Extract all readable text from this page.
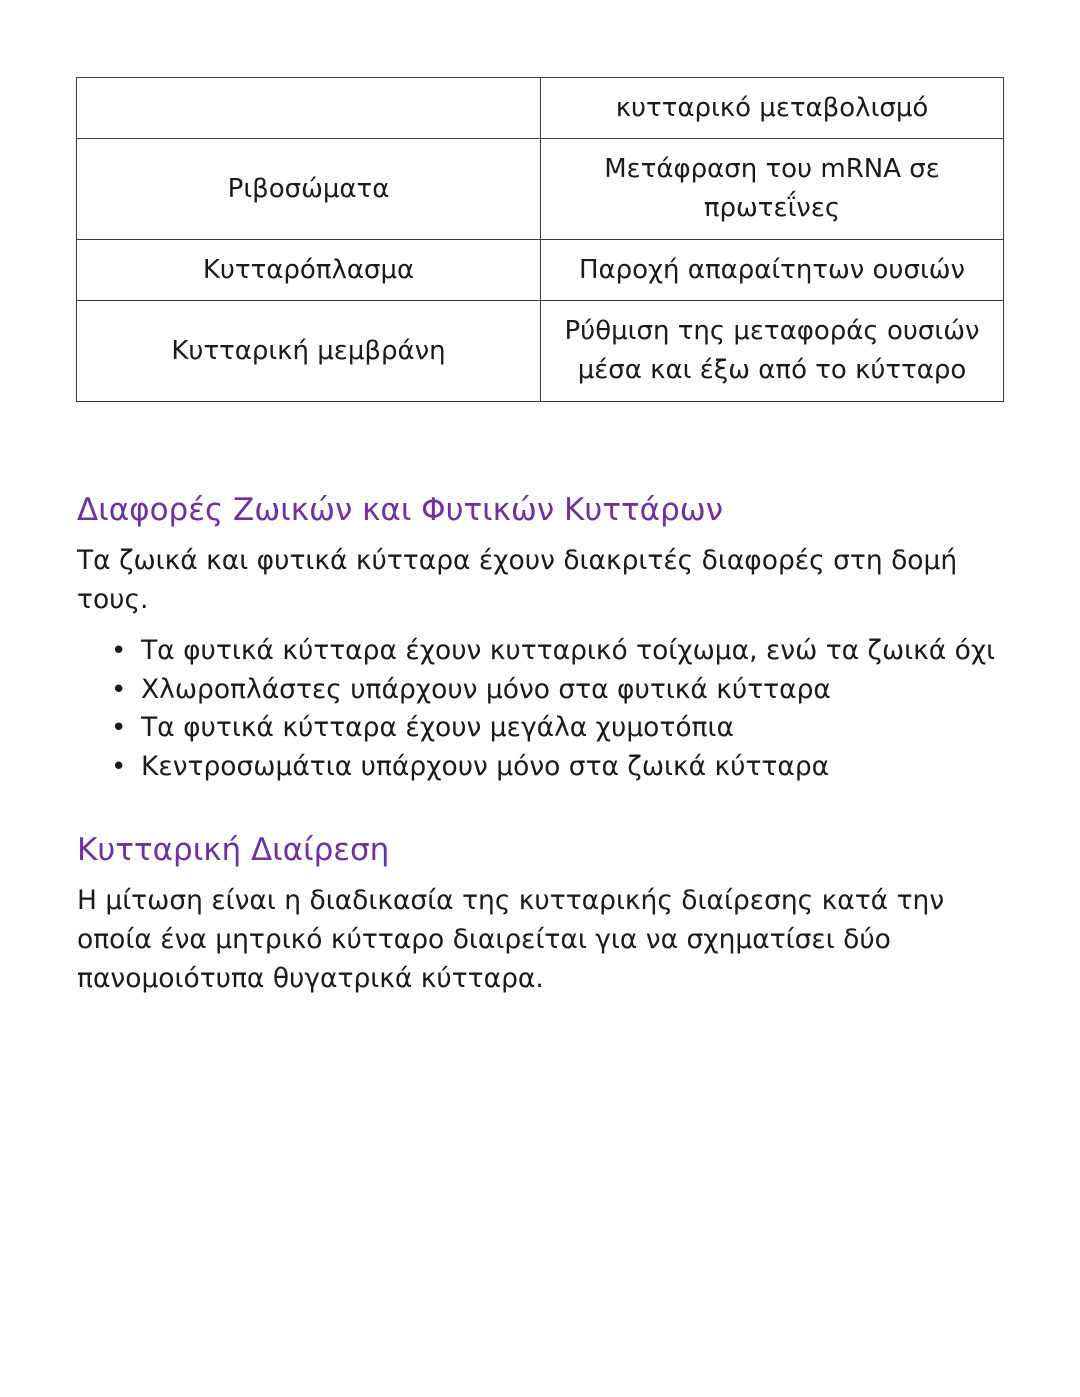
	κυτταρικό μεταβολισμό
Ριβοσώματα	Μετάφραση του mRNA σε
πρωτεΐνες
Κυτταρόπλασμα	Παροχή απαραίτητων ουσιών
Κυτταρική μεμβράνη	Ρύθμιση της μεταφοράς ουσιών
μέσα και έξω από το κύτταρο
Διαφορές Ζωικών και Φυτικών Κυττάρων

Τα ζωικά και φυτικά κύτταρα έχουν διακριτές διαφορές στη δομή
τους.

• Τα φυτικά κύτταρα έχουν κυτταρικό τοίχωμα, ενώ τα ζωικά όχι
• Χλωροπλάστες υπάρχουν μόνο στα φυτικά κύτταρα
• Τα φυτικά κύτταρα έχουν μεγάλα χυμοτόπια
• Κεντροσωμάτια υπάρχουν μόνο στα ζωικά κύτταρα
Κυτταρική Διαίρεση

Η μίτωση είναι η διαδικασία της κυτταρικής διαίρεσης κατά την
οποία ένα μητρικό κύτταρο διαιρείται για να σχηματίσει δύο
πανομοιότυπα θυγατρικά κύτταρα.
